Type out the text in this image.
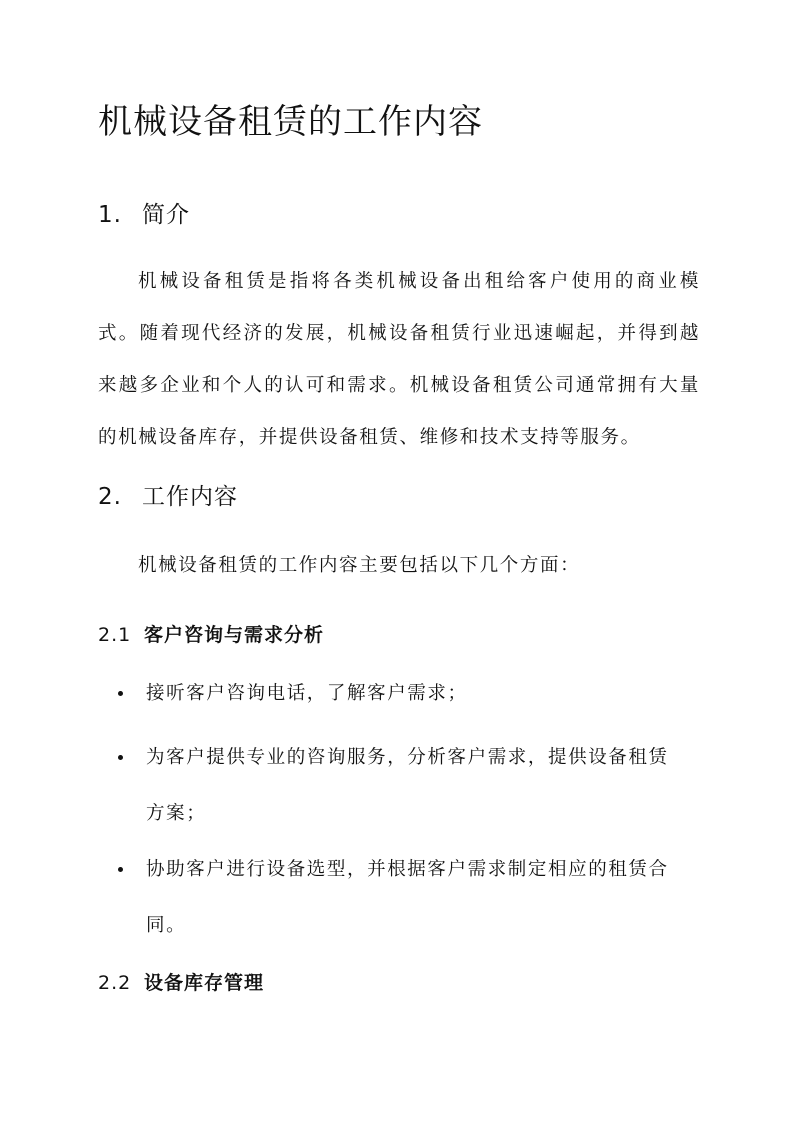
机械设备租赁的工作内容
1. 简介

机械设备租赁是指将各类机械设备出租给客户使用的商业模式。随着现代经济的发展，机械设备租赁行业迅速崛起，并得到越来越多企业和个人的认可和需求。机械设备租赁公司通常拥有大量的机械设备库存，并提供设备租赁、维修和技术支持等服务。

2. 工作内容

机械设备租赁的工作内容主要包括以下几个方面：

2.1 客户咨询与需求分析
接听客户咨询电话，了解客户需求；
为客户提供专业的咨询服务，分析客户需求，提供设备租赁方案；
协助客户进行设备选型，并根据客户需求制定相应的租赁合同。
2.2 设备库存管理
